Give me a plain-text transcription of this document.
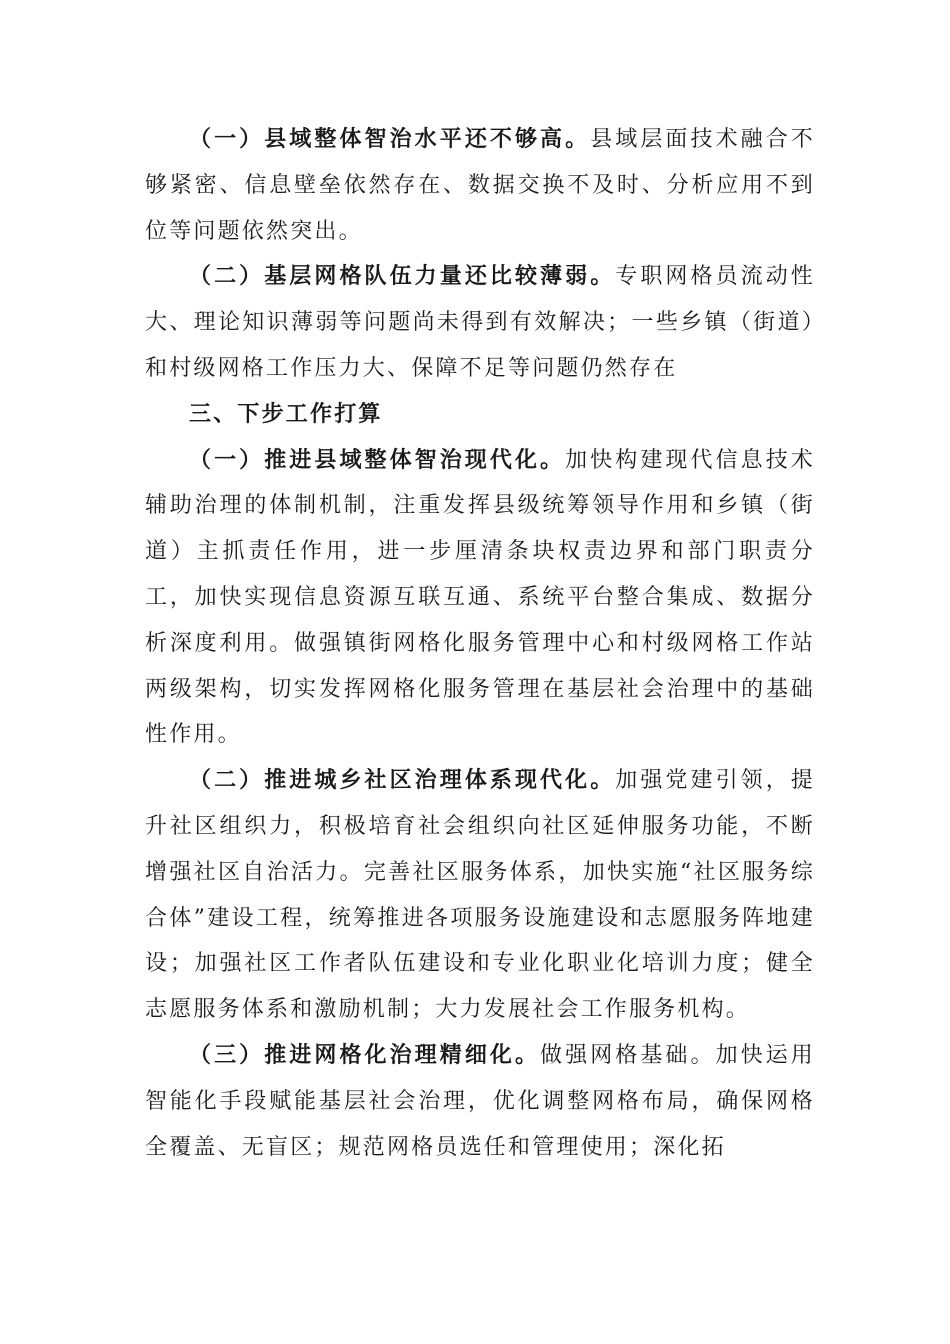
（一）县域整体智治水平还不够高。县域层面技术融合不够紧密、信息壁垒依然存在、数据交换不及时、分析应用不到位等问题依然突出。

（二）基层网格队伍力量还比较薄弱。专职网格员流动性大、理论知识薄弱等问题尚未得到有效解决；一些乡镇（街道）和村级网格工作压力大、保障不足等问题仍然存在

三、下步工作打算

（一）推进县域整体智治现代化。加快构建现代信息技术辅助治理的体制机制，注重发挥县级统筹领导作用和乡镇（街道）主抓责任作用，进一步厘清条块权责边界和部门职责分工，加快实现信息资源互联互通、系统平台整合集成、数据分析深度利用。做强镇街网格化服务管理中心和村级网格工作站两级架构，切实发挥网格化服务管理在基层社会治理中的基础性作用。

（二）推进城乡社区治理体系现代化。加强党建引领，提升社区组织力，积极培育社会组织向社区延伸服务功能，不断增强社区自治活力。完善社区服务体系，加快实施“社区服务综合体”建设工程，统筹推进各项服务设施建设和志愿服务阵地建设；加强社区工作者队伍建设和专业化职业化培训力度；健全志愿服务体系和激励机制；大力发展社会工作服务机构。

（三）推进网格化治理精细化。做强网格基础。加快运用智能化手段赋能基层社会治理，优化调整网格布局，确保网格全覆盖、无盲区；规范网格员选任和管理使用；深化拓
